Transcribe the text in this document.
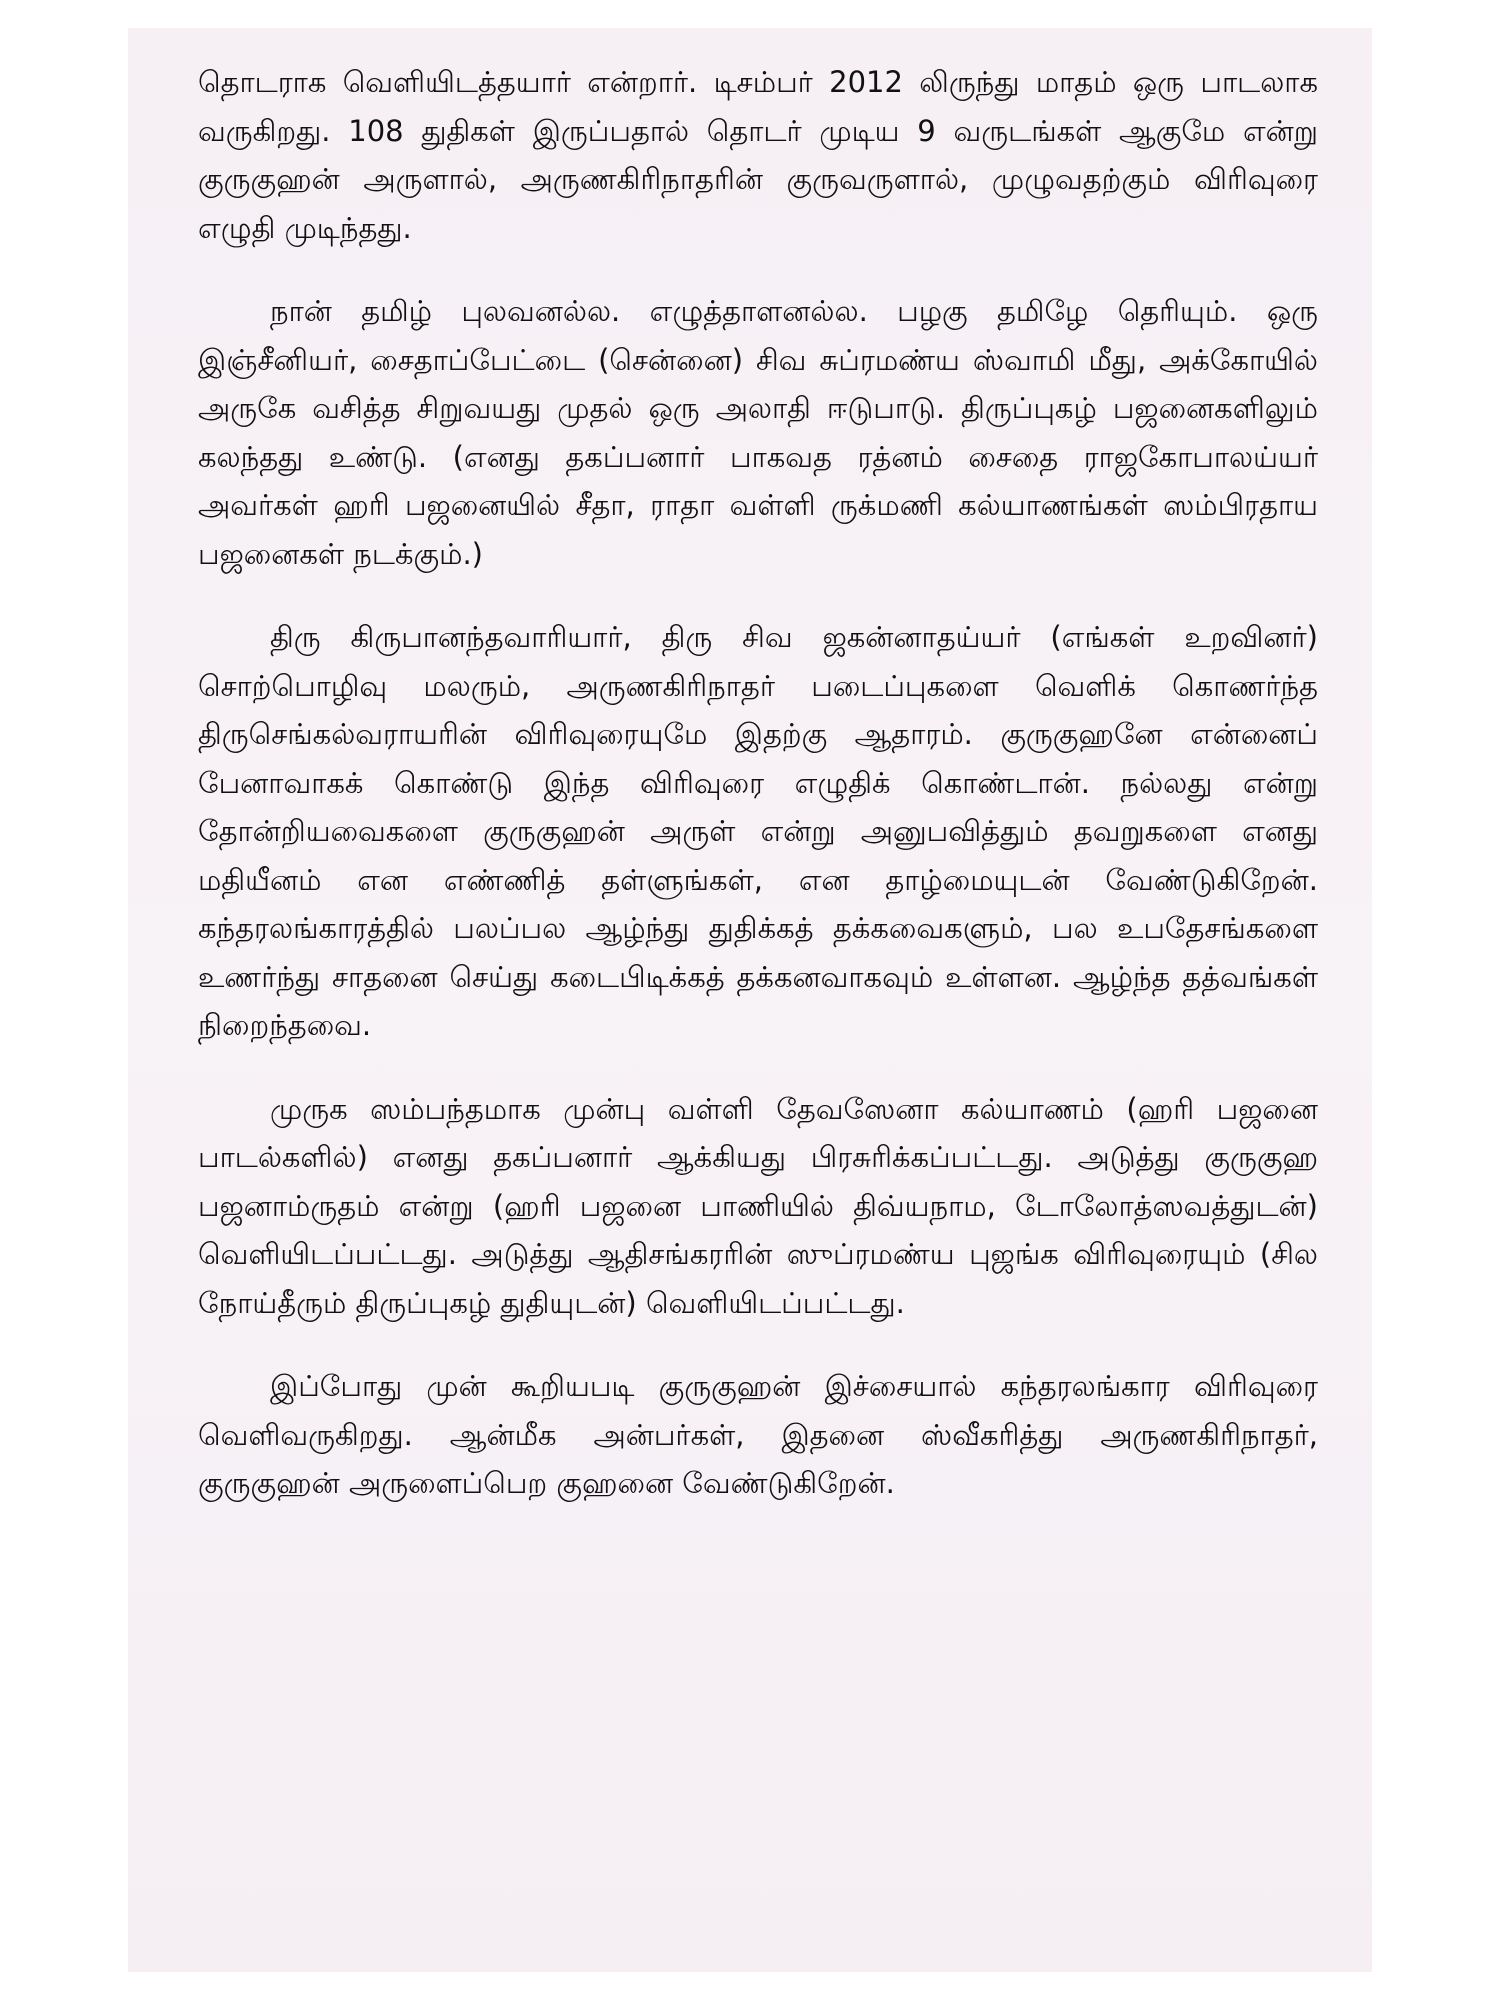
தொடராக வெளியிடத்தயார் என்றார். டிசம்பர் 2012 லிருந்து மாதம் ஒரு பாடலாக வருகிறது. 108 துதிகள் இருப்பதால் தொடர் முடிய 9 வருடங்கள் ஆகுமே என்று குருகுஹன் அருளால், அருணகிரிநாதரின் குருவருளால், முழுவதற்கும் விரிவுரை எழுதி முடிந்தது.

நான் தமிழ் புலவனல்ல. எழுத்தாளனல்ல. பழகு தமிழே தெரியும். ஒரு இஞ்சீனியர், சைதாப்பேட்டை (சென்னை) சிவ சுப்ரமண்ய ஸ்வாமி மீது, அக்கோயில் அருகே வசித்த சிறுவயது முதல் ஒரு அலாதி ஈடுபாடு. திருப்புகழ் பஜனைகளிலும் கலந்தது உண்டு. (எனது தகப்பனார் பாகவத ரத்னம் சைதை ராஜகோபாலய்யர் அவர்கள் ஹரி பஜனையில் சீதா, ராதா வள்ளி ருக்மணி கல்யாணங்கள் ஸம்பிரதாய பஜனைகள் நடக்கும்.)

திரு கிருபானந்தவாரியார், திரு சிவ ஜகன்னாதய்யர் (எங்கள் உறவினர்) சொற்பொழிவு மலரும், அருணகிரிநாதர் படைப்புகளை வெளிக் கொணர்ந்த திருசெங்கல்வராயரின் விரிவுரையுமே இதற்கு ஆதாரம். குருகுஹனே என்னைப் பேனாவாகக் கொண்டு இந்த விரிவுரை எழுதிக் கொண்டான். நல்லது என்று தோன்றியவைகளை குருகுஹன் அருள் என்று அனுபவித்தும் தவறுகளை எனது மதியீனம் என எண்ணித் தள்ளுங்கள், என தாழ்மையுடன் வேண்டுகிறேன். கந்தரலங்காரத்தில் பலப்பல ஆழ்ந்து துதிக்கத் தக்கவைகளும், பல உபதேசங்களை உணர்ந்து சாதனை செய்து கடைபிடிக்கத் தக்கனவாகவும் உள்ளன. ஆழ்ந்த தத்வங்கள் நிறைந்தவை.

முருக ஸம்பந்தமாக முன்பு வள்ளி தேவஸேனா கல்யாணம் (ஹரி பஜனை பாடல்களில்) எனது தகப்பனார் ஆக்கியது பிரசுரிக்கப்பட்டது. அடுத்து குருகுஹ பஜனாம்ருதம் என்று (ஹரி பஜனை பாணியில் திவ்யநாம, டோலோத்ஸவத்துடன்) வெளியிடப்பட்டது. அடுத்து ஆதிசங்கரரின் ஸுப்ரமண்ய புஜங்க விரிவுரையும் (சில நோய்தீரும் திருப்புகழ் துதியுடன்) வெளியிடப்பட்டது.

இப்போது முன் கூறியபடி குருகுஹன் இச்சையால் கந்தரலங்கார விரிவுரை வெளிவருகிறது. ஆன்மீக அன்பர்கள், இதனை ஸ்வீகரித்து அருணகிரிநாதர், குருகுஹன் அருளைப்பெற குஹனை வேண்டுகிறேன்.
